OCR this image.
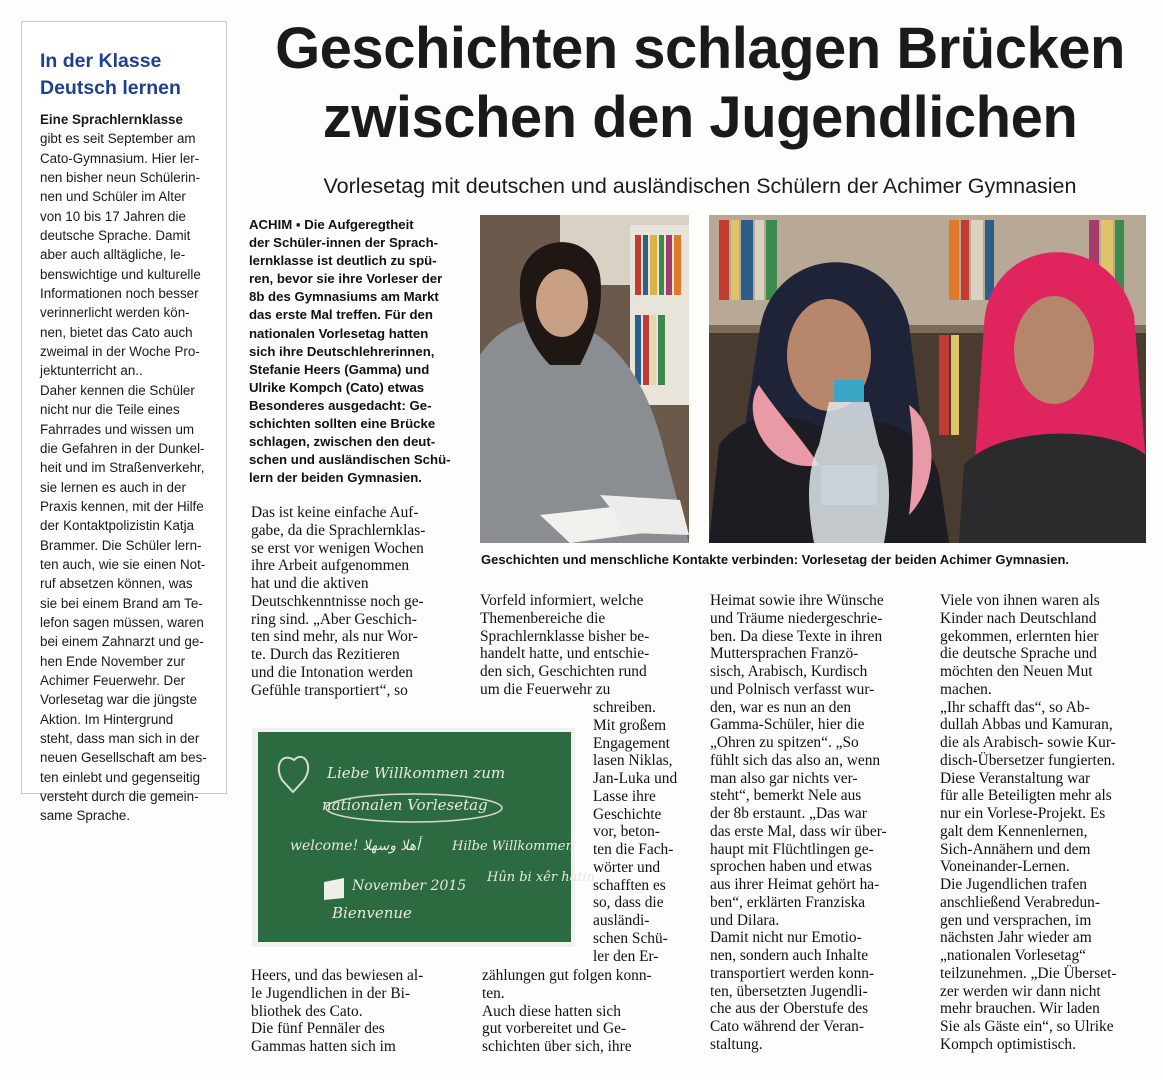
In der Klasse
Deutsch lernen
Eine Sprachlernklasse
gibt es seit September am
Cato-Gymnasium. Hier ler-
nen bisher neun Schülerin-
nen und Schüler im Alter
von 10 bis 17 Jahren die
deutsche Sprache. Damit
aber auch alltägliche, le-
benswichtige und kulturelle
Informationen noch besser
verinnerlicht werden kön-
nen, bietet das Cato auch
zweimal in der Woche Pro-
jektunterricht an..
Daher kennen die Schüler
nicht nur die Teile eines
Fahrrades und wissen um
die Gefahren in der Dunkel-
heit und im Straßenverkehr,
sie lernen es auch in der
Praxis kennen, mit der Hilfe
der Kontaktpolizistin Katja
Brammer. Die Schüler lern-
ten auch, wie sie einen Not-
ruf absetzen können, was
sie bei einem Brand am Te-
lefon sagen müssen, waren
bei einem Zahnarzt und ge-
hen Ende November zur
Achimer Feuerwehr. Der
Vorlesetag war die jüngste
Aktion. Im Hintergrund
steht, dass man sich in der
neuen Gesellschaft am bes-
ten einlebt und gegenseitig
versteht durch die gemein-
same Sprache.
Geschichten schlagen Brücken
zwischen den Jugendlichen
Vorlesetag mit deutschen und ausländischen Schülern der Achimer Gymnasien
ACHIM ▪ Die Aufgeregtheit
der Schüler-innen der Sprach-
lernklasse ist deutlich zu spü-
ren, bevor sie ihre Vorleser der
8b des Gymnasiums am Markt
das erste Mal treffen. Für den
nationalen Vorlesetag hatten
sich ihre Deutschlehrerinnen,
Stefanie Heers (Gamma) und
Ulrike Kompch (Cato) etwas
Besonderes ausgedacht: Ge-
schichten sollten eine Brücke
schlagen, zwischen den deut-
schen und ausländischen Schü-
lern der beiden Gymnasien.
Das ist keine einfache Auf-
gabe, da die Sprachlernklas-
se erst vor wenigen Wochen
ihre Arbeit aufgenommen
hat und die aktiven
Deutschkenntnisse noch ge-
ring sind. „Aber Geschich-
ten sind mehr, als nur Wor-
te. Durch das Rezitieren
und die Intonation werden
Gefühle transportiert“, so
Heers, und das bewiesen al-
le Jugendlichen in der Bi-
bliothek des Cato.
Die fünf Pennäler des
Gammas hatten sich im
Vorfeld informiert, welche
Themenbereiche die
Sprachlernklasse bisher be-
handelt hatte, und entschie-
den sich, Geschichten rund
um die Feuerwehr zu
schreiben.
Mit großem
Engagement
lasen Niklas,
Jan-Luka und
Lasse ihre
Geschichte
vor, beton-
ten die Fach-
wörter und
schafften es
so, dass die
ausländi-
schen Schü-
ler den Er-
zählungen gut folgen konn-
ten.
Auch diese hatten sich
gut vorbereitet und Ge-
schichten über sich, ihre
Heimat sowie ihre Wünsche
und Träume niedergeschrie-
ben. Da diese Texte in ihren
Muttersprachen Franzö-
sisch, Arabisch, Kurdisch
und Polnisch verfasst wur-
den, war es nun an den
Gamma-Schüler, hier die
„Ohren zu spitzen“. „So
fühlt sich das also an, wenn
man also gar nichts ver-
steht“, bemerkt Nele aus
der 8b erstaunt. „Das war
das erste Mal, dass wir über-
haupt mit Flüchtlingen ge-
sprochen haben und etwas
aus ihrer Heimat gehört ha-
ben“, erklärten Franziska
und Dilara.
Damit nicht nur Emotio-
nen, sondern auch Inhalte
transportiert werden konn-
ten, übersetzten Jugendli-
che aus der Oberstufe des
Cato während der Veran-
staltung.
Viele von ihnen waren als
Kinder nach Deutschland
gekommen, erlernten hier
die deutsche Sprache und
möchten den Neuen Mut
machen.
„Ihr schafft das“, so Ab-
dullah Abbas und Kamuran,
die als Arabisch- sowie Kur-
disch-Übersetzer fungierten.
Diese Veranstaltung war
für alle Beteiligten mehr als
nur ein Vorlese-Projekt. Es
galt dem Kennenlernen,
Sich-Annähern und dem
Voneinander-Lernen.
Die Jugendlichen trafen
anschließend Verabredun-
gen und versprachen, im
nächsten Jahr wieder am
„nationalen Vorlesetag“
teilzunehmen. „Die Überset-
zer werden wir dann nicht
mehr brauchen. Wir laden
Sie als Gäste ein“, so Ulrike
Kompch optimistisch.
Geschichten und menschliche Kontakte verbinden: Vorlesetag der beiden Achimer Gymnasien.
Liebe Willkommen zum
nationalen Vorlesetag
welcome! أهلا وسهلا Hilbe Willkommen
Hûn bi xêr hatin
November 2015
Bienvenue
